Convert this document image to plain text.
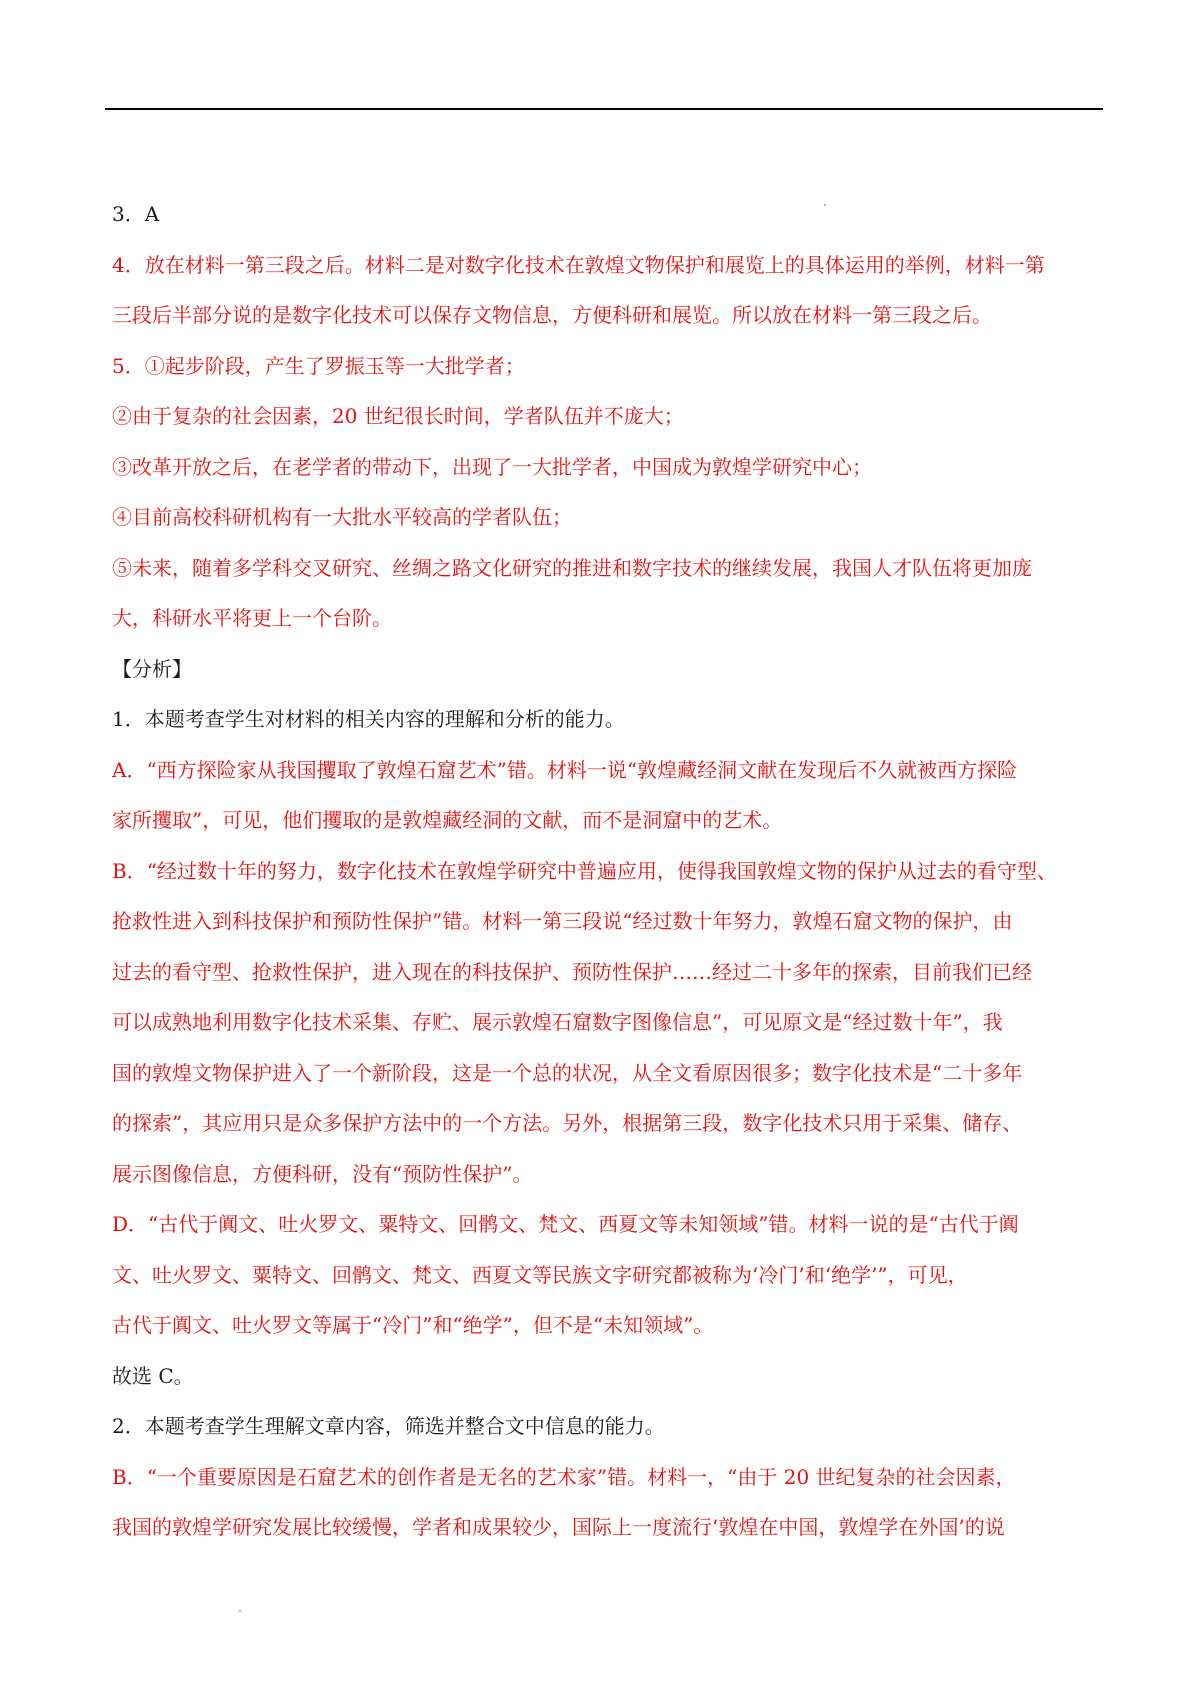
3．A
4．放在材料一第三段之后。材料二是对数字化技术在敦煌文物保护和展览上的具体运用的举例，材料一第
三段后半部分说的是数字化技术可以保存文物信息，方便科研和展览。所以放在材料一第三段之后。
5．①起步阶段，产生了罗振玉等一大批学者；
②由于复杂的社会因素，20 世纪很长时间，学者队伍并不庞大；
③改革开放之后，在老学者的带动下，出现了一大批学者，中国成为敦煌学研究中心；
④目前高校科研机构有一大批水平较高的学者队伍；
⑤未来，随着多学科交叉研究、丝绸之路文化研究的推进和数字技术的继续发展，我国人才队伍将更加庞
大，科研水平将更上一个台阶。
【分析】
1．本题考查学生对材料的相关内容的理解和分析的能力。
A．“西方探险家从我国攫取了敦煌石窟艺术”错。材料一说“敦煌藏经洞文献在发现后不久就被西方探险
家所攫取”，可见，他们攫取的是敦煌藏经洞的文献，而不是洞窟中的艺术。
B．“经过数十年的努力，数字化技术在敦煌学研究中普遍应用，使得我国敦煌文物的保护从过去的看守型、
抢救性进入到科技保护和预防性保护”错。材料一第三段说“经过数十年努力，敦煌石窟文物的保护，由
过去的看守型、抢救性保护，进入现在的科技保护、预防性保护……经过二十多年的探索，目前我们已经
可以成熟地利用数字化技术采集、存贮、展示敦煌石窟数字图像信息”，可见原文是“经过数十年”，我
国的敦煌文物保护进入了一个新阶段，这是一个总的状况，从全文看原因很多；数字化技术是“二十多年
的探索”，其应用只是众多保护方法中的一个方法。另外，根据第三段，数字化技术只用于采集、储存、
展示图像信息，方便科研，没有“预防性保护”。
D．“古代于阗文、吐火罗文、粟特文、回鹘文、梵文、西夏文等未知领域”错。材料一说的是“古代于阗
文、吐火罗文、粟特文、回鹘文、梵文、西夏文等民族文字研究都被称为‘冷门’和‘绝学’”，可见，
古代于阗文、吐火罗文等属于“冷门”和“绝学”，但不是“未知领域”。
故选 C。
2．本题考查学生理解文章内容，筛选并整合文中信息的能力。
B．“一个重要原因是石窟艺术的创作者是无名的艺术家”错。材料一，“由于 20 世纪复杂的社会因素，
我国的敦煌学研究发展比较缓慢，学者和成果较少，国际上一度流行‘敦煌在中国，敦煌学在外国’的说
